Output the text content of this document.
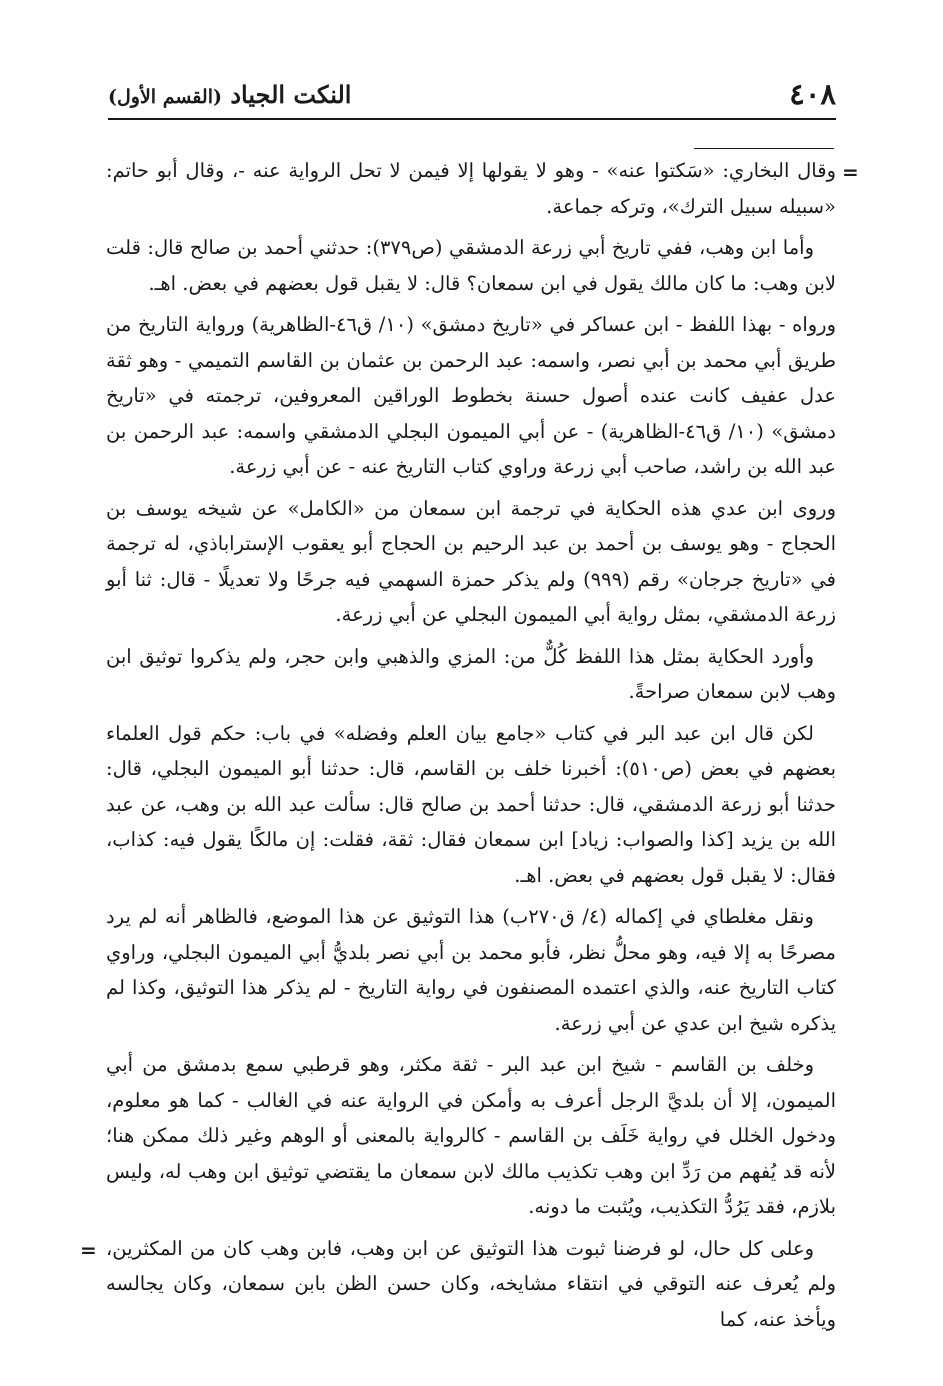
٤٠٨
النكت الجياد (القسم الأول)
=

وقال البخاري: «سَكتوا عنه» - وهو لا يقولها إلا فيمن لا تحل الرواية عنه -، وقال أبو حاتم: «سبيله سبيل الترك»، وتركه جماعة.

وأما ابن وهب، ففي تاريخ أبي زرعة الدمشقي (ص٣٧٩): حدثني أحمد بن صالح قال: قلت لابن وهب: ما كان مالك يقول في ابن سمعان؟ قال: لا يقبل قول بعضهم في بعض. اهـ.

ورواه - بهذا اللفظ - ابن عساكر في «تاريخ دمشق» (١٠/ ق٤٦-الظاهرية) ورواية التاريخ من طريق أبي محمد بن أبي نصر، واسمه: عبد الرحمن بن عثمان بن القاسم التميمي - وهو ثقة عدل عفيف كانت عنده أصول حسنة بخطوط الوراقين المعروفين، ترجمته في «تاريخ دمشق» (١٠/ ق٤٦-الظاهرية) - عن أبي الميمون البجلي الدمشقي واسمه: عبد الرحمن بن عبد الله بن راشد، صاحب أبي زرعة وراوي كتاب التاريخ عنه - عن أبي زرعة.

وروى ابن عدي هذه الحكاية في ترجمة ابن سمعان من «الكامل» عن شيخه يوسف بن الحجاج - وهو يوسف بن أحمد بن عبد الرحيم بن الحجاج أبو يعقوب الإستراباذي، له ترجمة في «تاريخ جرجان» رقم (٩٩٩) ولم يذكر حمزة السهمي فيه جرحًا ولا تعديلًا - قال: ثنا أبو زرعة الدمشقي، بمثل رواية أبي الميمون البجلي عن أبي زرعة.

وأورد الحكاية بمثل هذا اللفظ كُلٌّ من: المزي والذهبي وابن حجر، ولم يذكروا توثيق ابن وهب لابن سمعان صراحةً.

لكن قال ابن عبد البر في كتاب «جامع بيان العلم وفضله» في باب: حكم قول العلماء بعضهم في بعض (ص٥١٠): أخبرنا خلف بن القاسم، قال: حدثنا أبو الميمون البجلي، قال: حدثنا أبو زرعة الدمشقي، قال: حدثنا أحمد بن صالح قال: سألت عبد الله بن وهب، عن عبد الله بن يزيد [كذا والصواب: زياد] ابن سمعان فقال: ثقة، فقلت: إن مالكًا يقول فيه: كذاب، فقال: لا يقبل قول بعضهم في بعض. اهـ.

ونقل مغلطاي في إكماله (٤/ ق٢٧٠ب) هذا التوثيق عن هذا الموضع، فالظاهر أنه لم يرد مصرحًا به إلا فيه، وهو محلُّ نظر، فأبو محمد بن أبي نصر بلديُّ أبي الميمون البجلي، وراوي كتاب التاريخ عنه، والذي اعتمده المصنفون في رواية التاريخ - لم يذكر هذا التوثيق، وكذا لم يذكره شيخ ابن عدي عن أبي زرعة.

وخلف بن القاسم - شيخ ابن عبد البر - ثقة مكثر، وهو قرطبي سمع بدمشق من أبي الميمون، إلا أن بلديَّ الرجل أعرف به وأمكن في الرواية عنه في الغالب - كما هو معلوم، ودخول الخلل في رواية خَلَف بن القاسم - كالرواية بالمعنى أو الوهم وغير ذلك ممكن هنا؛ لأنه قد يُفهم من رَدِّ ابن وهب تكذيب مالك لابن سمعان ما يقتضي توثيق ابن وهب له، وليس بلازم، فقد يَرُدُّ التكذيب، ويُثبت ما دونه.

وعلى كل حال، لو فرضنا ثبوت هذا التوثيق عن ابن وهب، فابن وهب كان من المكثرين، ولم يُعرف عنه التوقي في انتقاء مشايخه، وكان حسن الظن بابن سمعان، وكان يجالسه ويأخذ عنه، كما

=
